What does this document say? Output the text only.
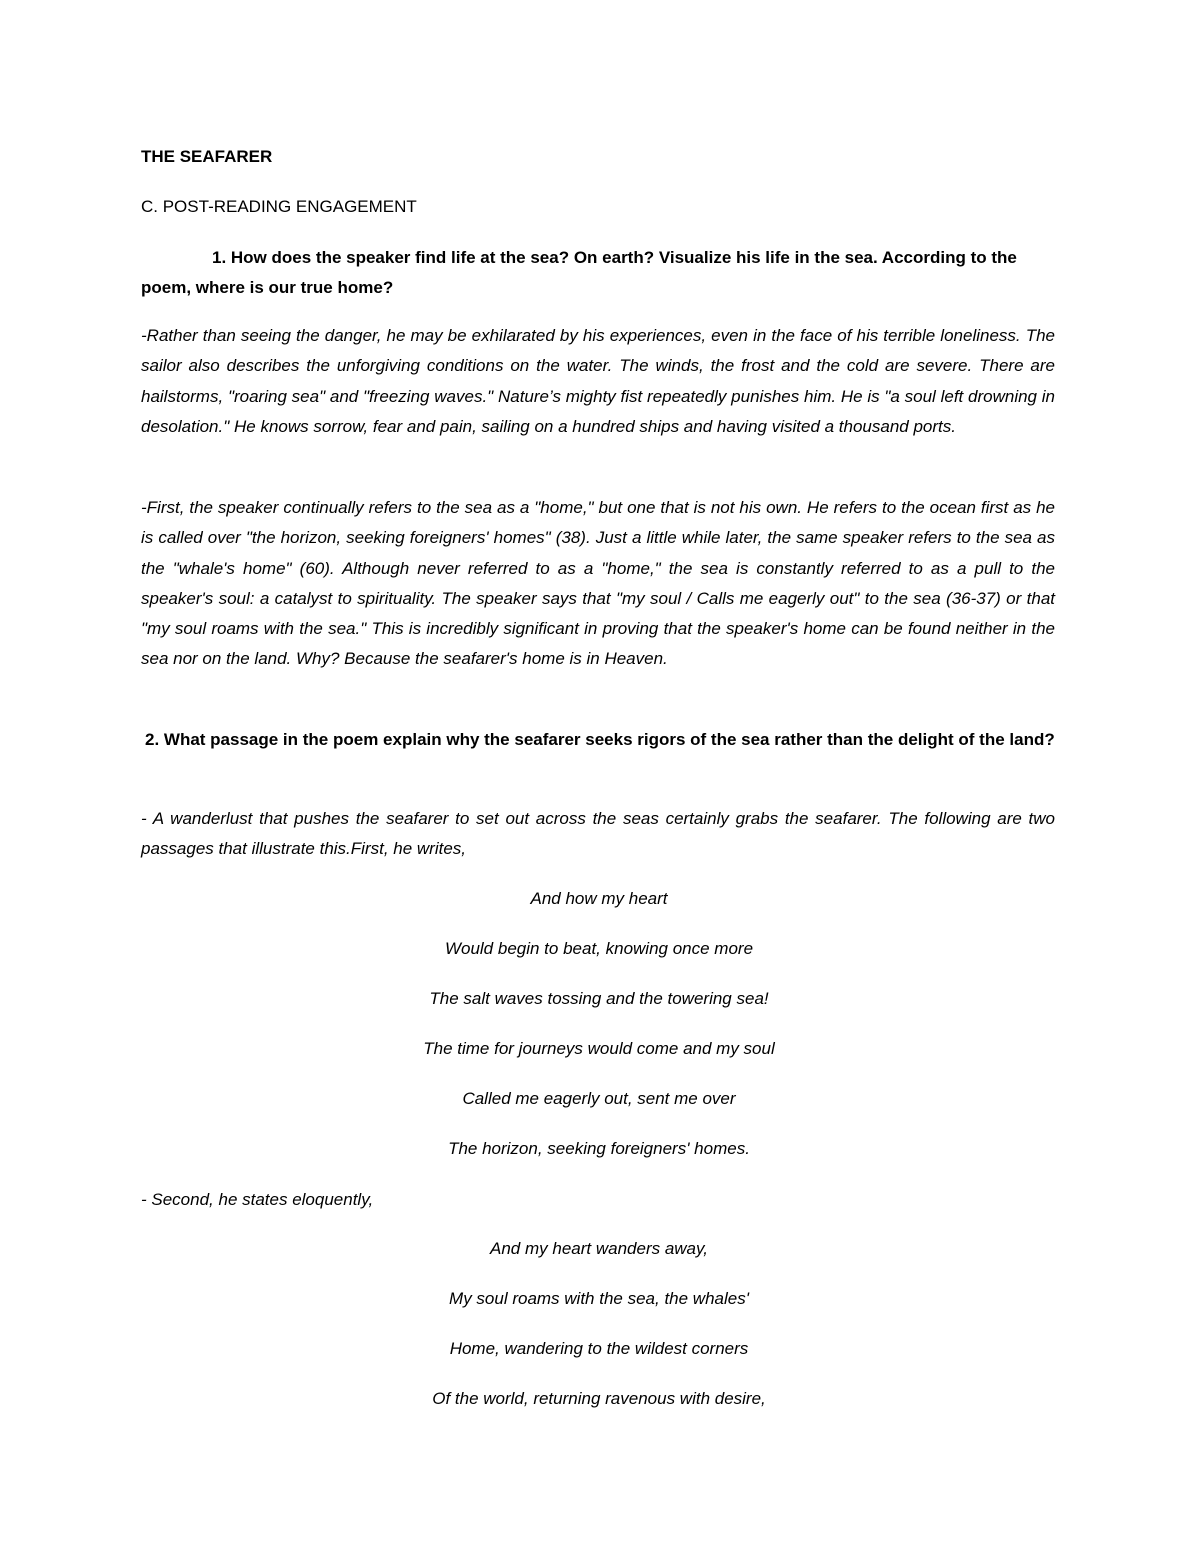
THE SEAFARER

C. POST-READING ENGAGEMENT

1. How does the speaker find life at the sea? On earth? Visualize his life in the sea. According to the poem, where is our true home?

-Rather than seeing the danger, he may be exhilarated by his experiences, even in the face of his terrible loneliness. The sailor also describes the unforgiving conditions on the water. The winds, the frost and the cold are severe. There are hailstorms, "roaring sea" and "freezing waves." Nature’s mighty fist repeatedly punishes him. He is "a soul left drowning in desolation." He knows sorrow, fear and pain, sailing on a hundred ships and having visited a thousand ports.

-First, the speaker continually refers to the sea as a "home," but one that is not his own. He refers to the ocean first as he is called over "the horizon, seeking foreigners' homes" (38). Just a little while later, the same speaker refers to the sea as the "whale's home" (60). Although never referred to as a "home," the sea is constantly referred to as a pull to the speaker's soul: a catalyst to spirituality. The speaker says that "my soul / Calls me eagerly out" to the sea (36-37) or that "my soul roams with the sea." This is incredibly significant in proving that the speaker's home can be found neither in the sea nor on the land. Why? Because the seafarer's home is in Heaven.

2. What passage in the poem explain why the seafarer seeks rigors of the sea rather than the delight of the land?

- A wanderlust that pushes the seafarer to set out across the seas certainly grabs the seafarer. The following are two passages that illustrate this.First, he writes,

And how my heart
Would begin to beat, knowing once more
The salt waves tossing and the towering sea!
The time for journeys would come and my soul
Called me eagerly out, sent me over
The horizon, seeking foreigners' homes.

- Second, he states eloquently,

And my heart wanders away,
My soul roams with the sea, the whales'
Home, wandering to the wildest corners
Of the world, returning ravenous with desire,
